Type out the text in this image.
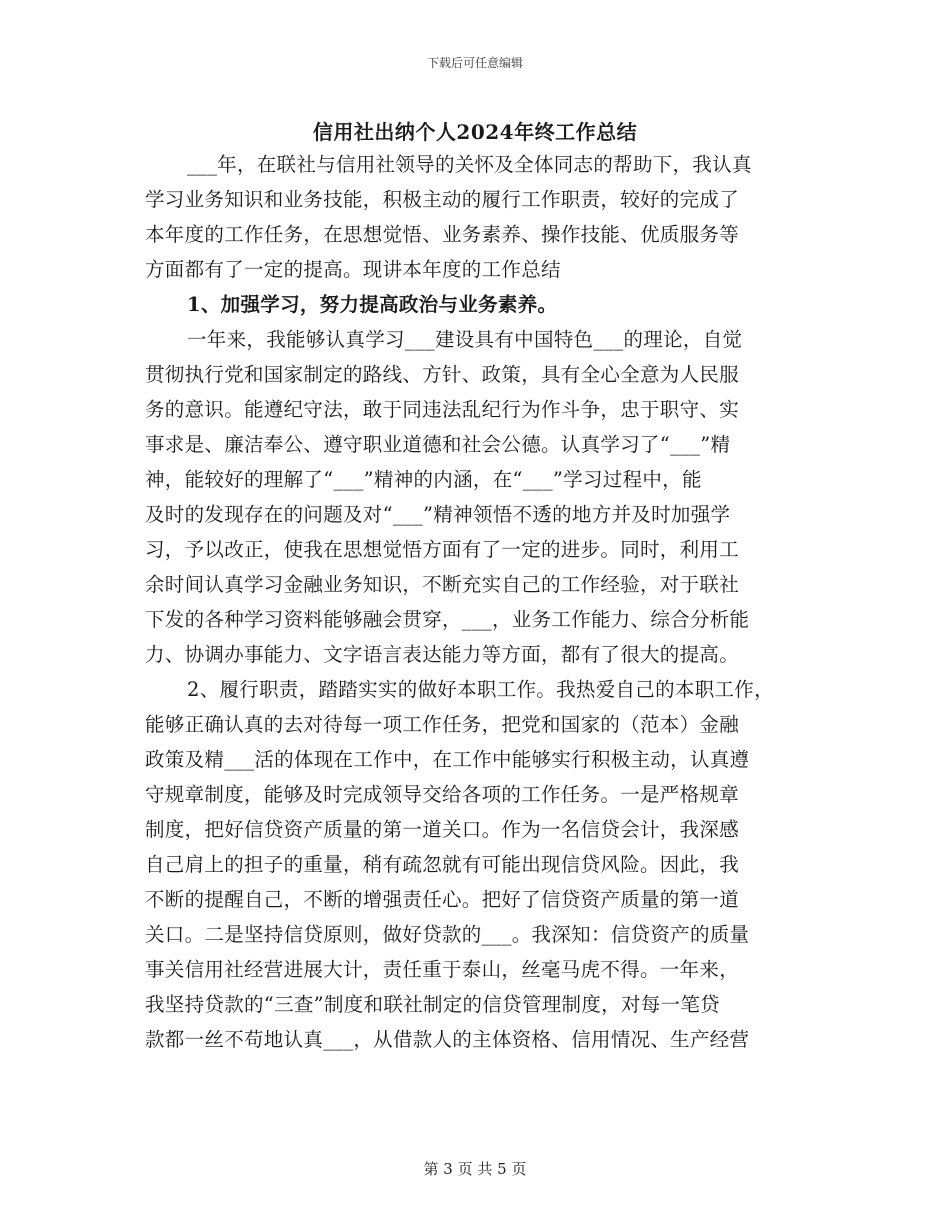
下载后可任意编辑
信用社出纳个人2024年终工作总结
___年，在联社与信用社领导的关怀及全体同志的帮助下，我认真
学习业务知识和业务技能，积极主动的履行工作职责，较好的完成了
本年度的工作任务，在思想觉悟、业务素养、操作技能、优质服务等
方面都有了一定的提高。现讲本年度的工作总结
1、加强学习，努力提高政治与业务素养。
一年来，我能够认真学习___建设具有中国特色___的理论，自觉
贯彻执行党和国家制定的路线、方针、政策，具有全心全意为人民服
务的意识。能遵纪守法，敢于同违法乱纪行为作斗争，忠于职守、实
事求是、廉洁奉公、遵守职业道德和社会公德。认真学习了“___”精
神，能较好的理解了“___”精神的内涵，在“___”学习过程中，能
及时的发现存在的问题及对“___”精神领悟不透的地方并及时加强学
习，予以改正，使我在思想觉悟方面有了一定的进步。同时，利用工
余时间认真学习金融业务知识，不断充实自己的工作经验，对于联社
下发的各种学习资料能够融会贯穿，___，业务工作能力、综合分析能
力、协调办事能力、文字语言表达能力等方面，都有了很大的提高。
2、履行职责，踏踏实实的做好本职工作。我热爱自己的本职工作，
能够正确认真的去对待每一项工作任务，把党和国家的（范本）金融
政策及精___活的体现在工作中，在工作中能够实行积极主动，认真遵
守规章制度，能够及时完成领导交给各项的工作任务。一是严格规章
制度，把好信贷资产质量的第一道关口。作为一名信贷会计，我深感
自己肩上的担子的重量，稍有疏忽就有可能出现信贷风险。因此，我
不断的提醒自己，不断的增强责任心。把好了信贷资产质量的第一道
关口。二是坚持信贷原则，做好贷款的___。我深知：信贷资产的质量
事关信用社经营进展大计，责任重于泰山，丝毫马虎不得。一年来，
我坚持贷款的“三查”制度和联社制定的信贷管理制度，对每一笔贷
款都一丝不苟地认真___，从借款人的主体资格、信用情况、生产经营
第 3 页 共 5 页
